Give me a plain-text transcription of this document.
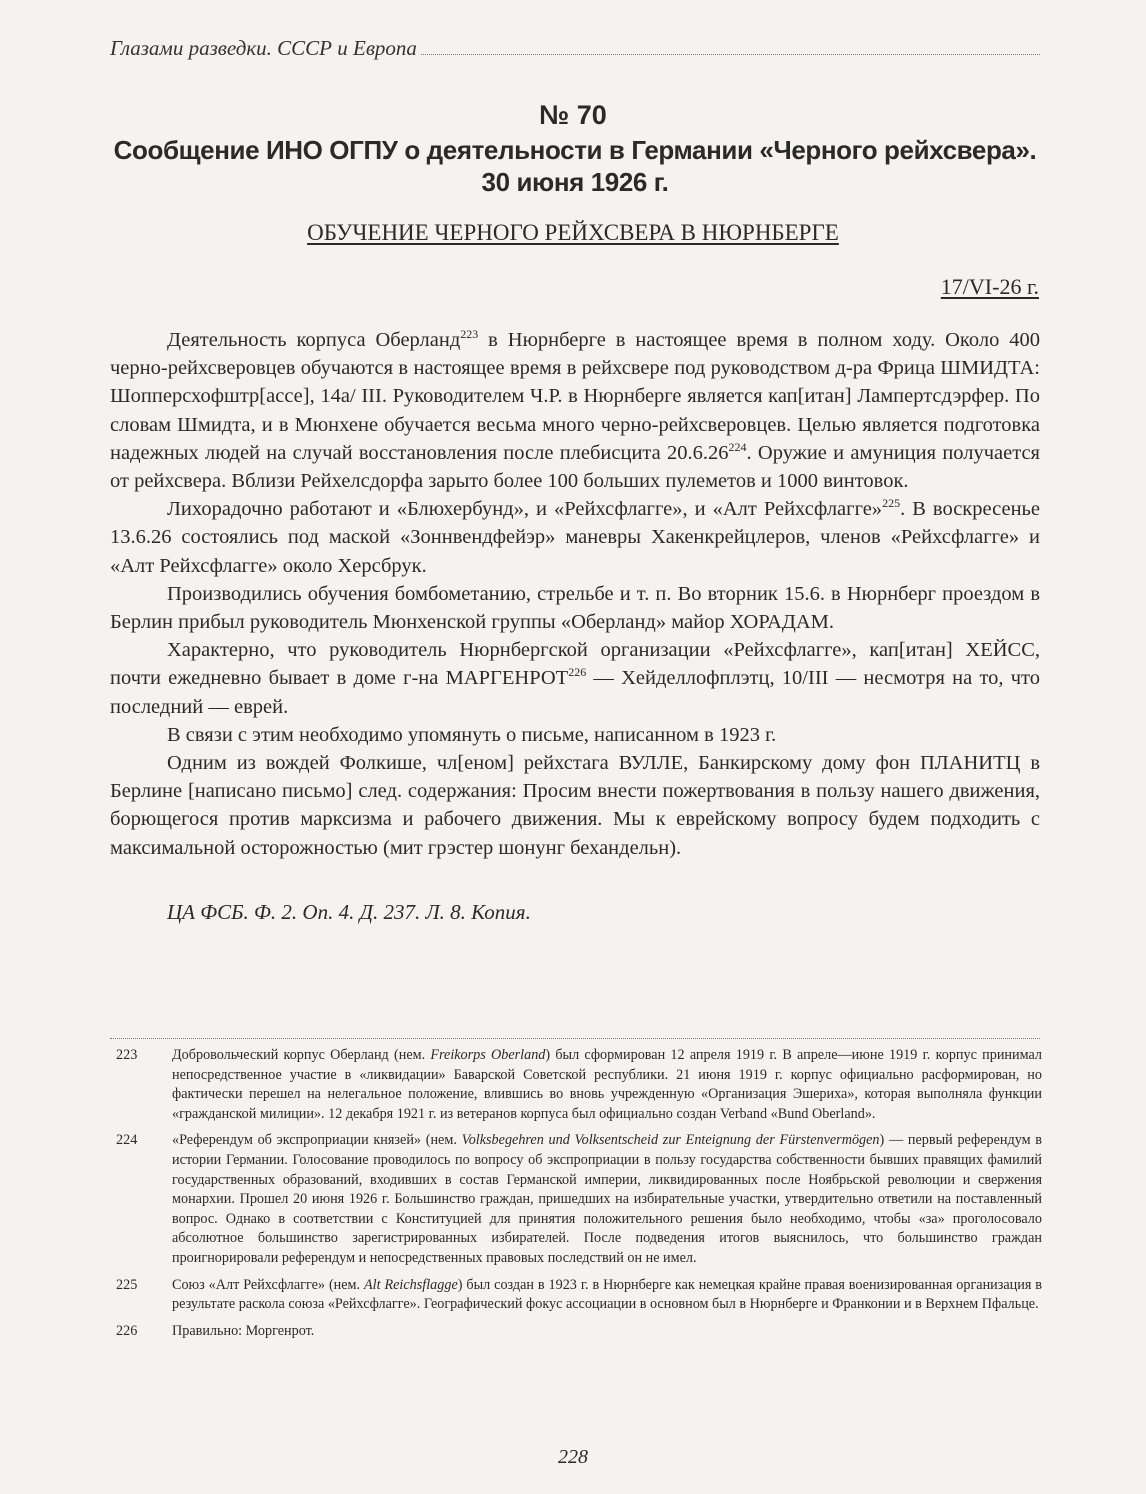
Глазами разведки. СССР и Европа
№ 70
Сообщение ИНО ОГПУ о деятельности в Германии «Черного рейхсвера».
30 июня 1926 г.
ОБУЧЕНИЕ ЧЕРНОГО РЕЙХСВЕРА В НЮРНБЕРГЕ
17/VI-26 г.

Деятельность корпуса Оберланд$^{223}$ в Нюрнберге в настоящее время в полном ходу. Около 400 черно-рейхсверовцев обучаются в настоящее время в рейхсвере под руководством д-ра Фрица ШМИДТА: Шопперсхофштр[ассе], 14а/ III. Руководителем Ч.Р. в Нюрнберге является кап[итан] Лампертсдэрфер. По словам Шмидта, и в Мюнхене обучается весьма много черно-рейхсверовцев. Целью является подготовка надежных людей на случай восстановления после плебисцита 20.6.26$^{224}$. Оружие и амуниция получается от рейхсвера. Вблизи Рейхелсдорфа зарыто более 100 больших пулеметов и 1000 винтовок.

Лихорадочно работают и «Блюхербунд», и «Рейхсфлагге», и «Алт Рейхсфлагге»$^{225}$. В воскресенье 13.6.26 состоялись под маской «Зоннвендфейэр» маневры Хакенкрейцлеров, членов «Рейхсфлагге» и «Алт Рейхсфлагге» около Херсбрук.

Производились обучения бомбометанию, стрельбе и т. п. Во вторник 15.6. в Нюрнберг проездом в Берлин прибыл руководитель Мюнхенской группы «Оберланд» майор ХОРАДАМ.

Характерно, что руководитель Нюрнбергской организации «Рейхсфлагге», кап[итан] ХЕЙСС, почти ежедневно бывает в доме г-на МАРГЕНРОТ$^{226}$ — Хейделлофплэтц, 10/III — несмотря на то, что последний — еврей.

В связи с этим необходимо упомянуть о письме, написанном в 1923 г.

Одним из вождей Фолкише, чл[еном] рейхстага ВУЛЛЕ, Банкирскому дому фон ПЛАНИТЦ в Берлине [написано письмо] след. содержания: Просим внести пожертвования в пользу нашего движения, борющегося против марксизма и рабочего движения. Мы к еврейскому вопросу будем подходить с максимальной осторожностью (мит грэстер шонунг бехандельн).

ЦА ФСБ. Ф. 2. Оп. 4. Д. 237. Л. 8. Копия.
223	Добровольческий корпус Оберланд (нем. Freikorps Oberland) был сформирован 12 апреля 1919 г. В апреле—июне 1919 г. корпус принимал непосредственное участие в «ликвидации» Баварской Советской республики. 21 июня 1919 г. корпус официально расформирован, но фактически перешел на нелегальное положение, влившись во вновь учрежденную «Организация Эшериха», которая выполняла функции «гражданской милиции». 12 декабря 1921 г. из ветеранов корпуса был официально создан Verband «Bund Oberland».
224	«Референдум об экспроприации князей» (нем. Volksbegehren und Volksentscheid zur Enteignung der Fürstenvermögen) — первый референдум в истории Германии. Голосование проводилось по вопросу об экспроприации в пользу государства собственности бывших правящих фамилий государственных образований, входивших в состав Германской империи, ликвидированных после Ноябрьской революции и свержения монархии. Прошел 20 июня 1926 г. Большинство граждан, пришедших на избирательные участки, утвердительно ответили на поставленный вопрос. Однако в соответствии с Конституцией для принятия положительного решения было необходимо, чтобы «за» проголосовало абсолютное большинство зарегистрированных избирателей. После подведения итогов выяснилось, что большинство граждан проигнорировали референдум и непосредственных правовых последствий он не имел.
225	Союз «Алт Рейхсфлагге» (нем. Alt Reichsflagge) был создан в 1923 г. в Нюрнберге как немецкая крайне правая военизированная организация в результате раскола союза «Рейхсфлагге». Географический фокус ассоциации в основном был в Нюрнберге и Франконии и в Верхнем Пфальце.
226	Правильно: Моргенрот.
228
